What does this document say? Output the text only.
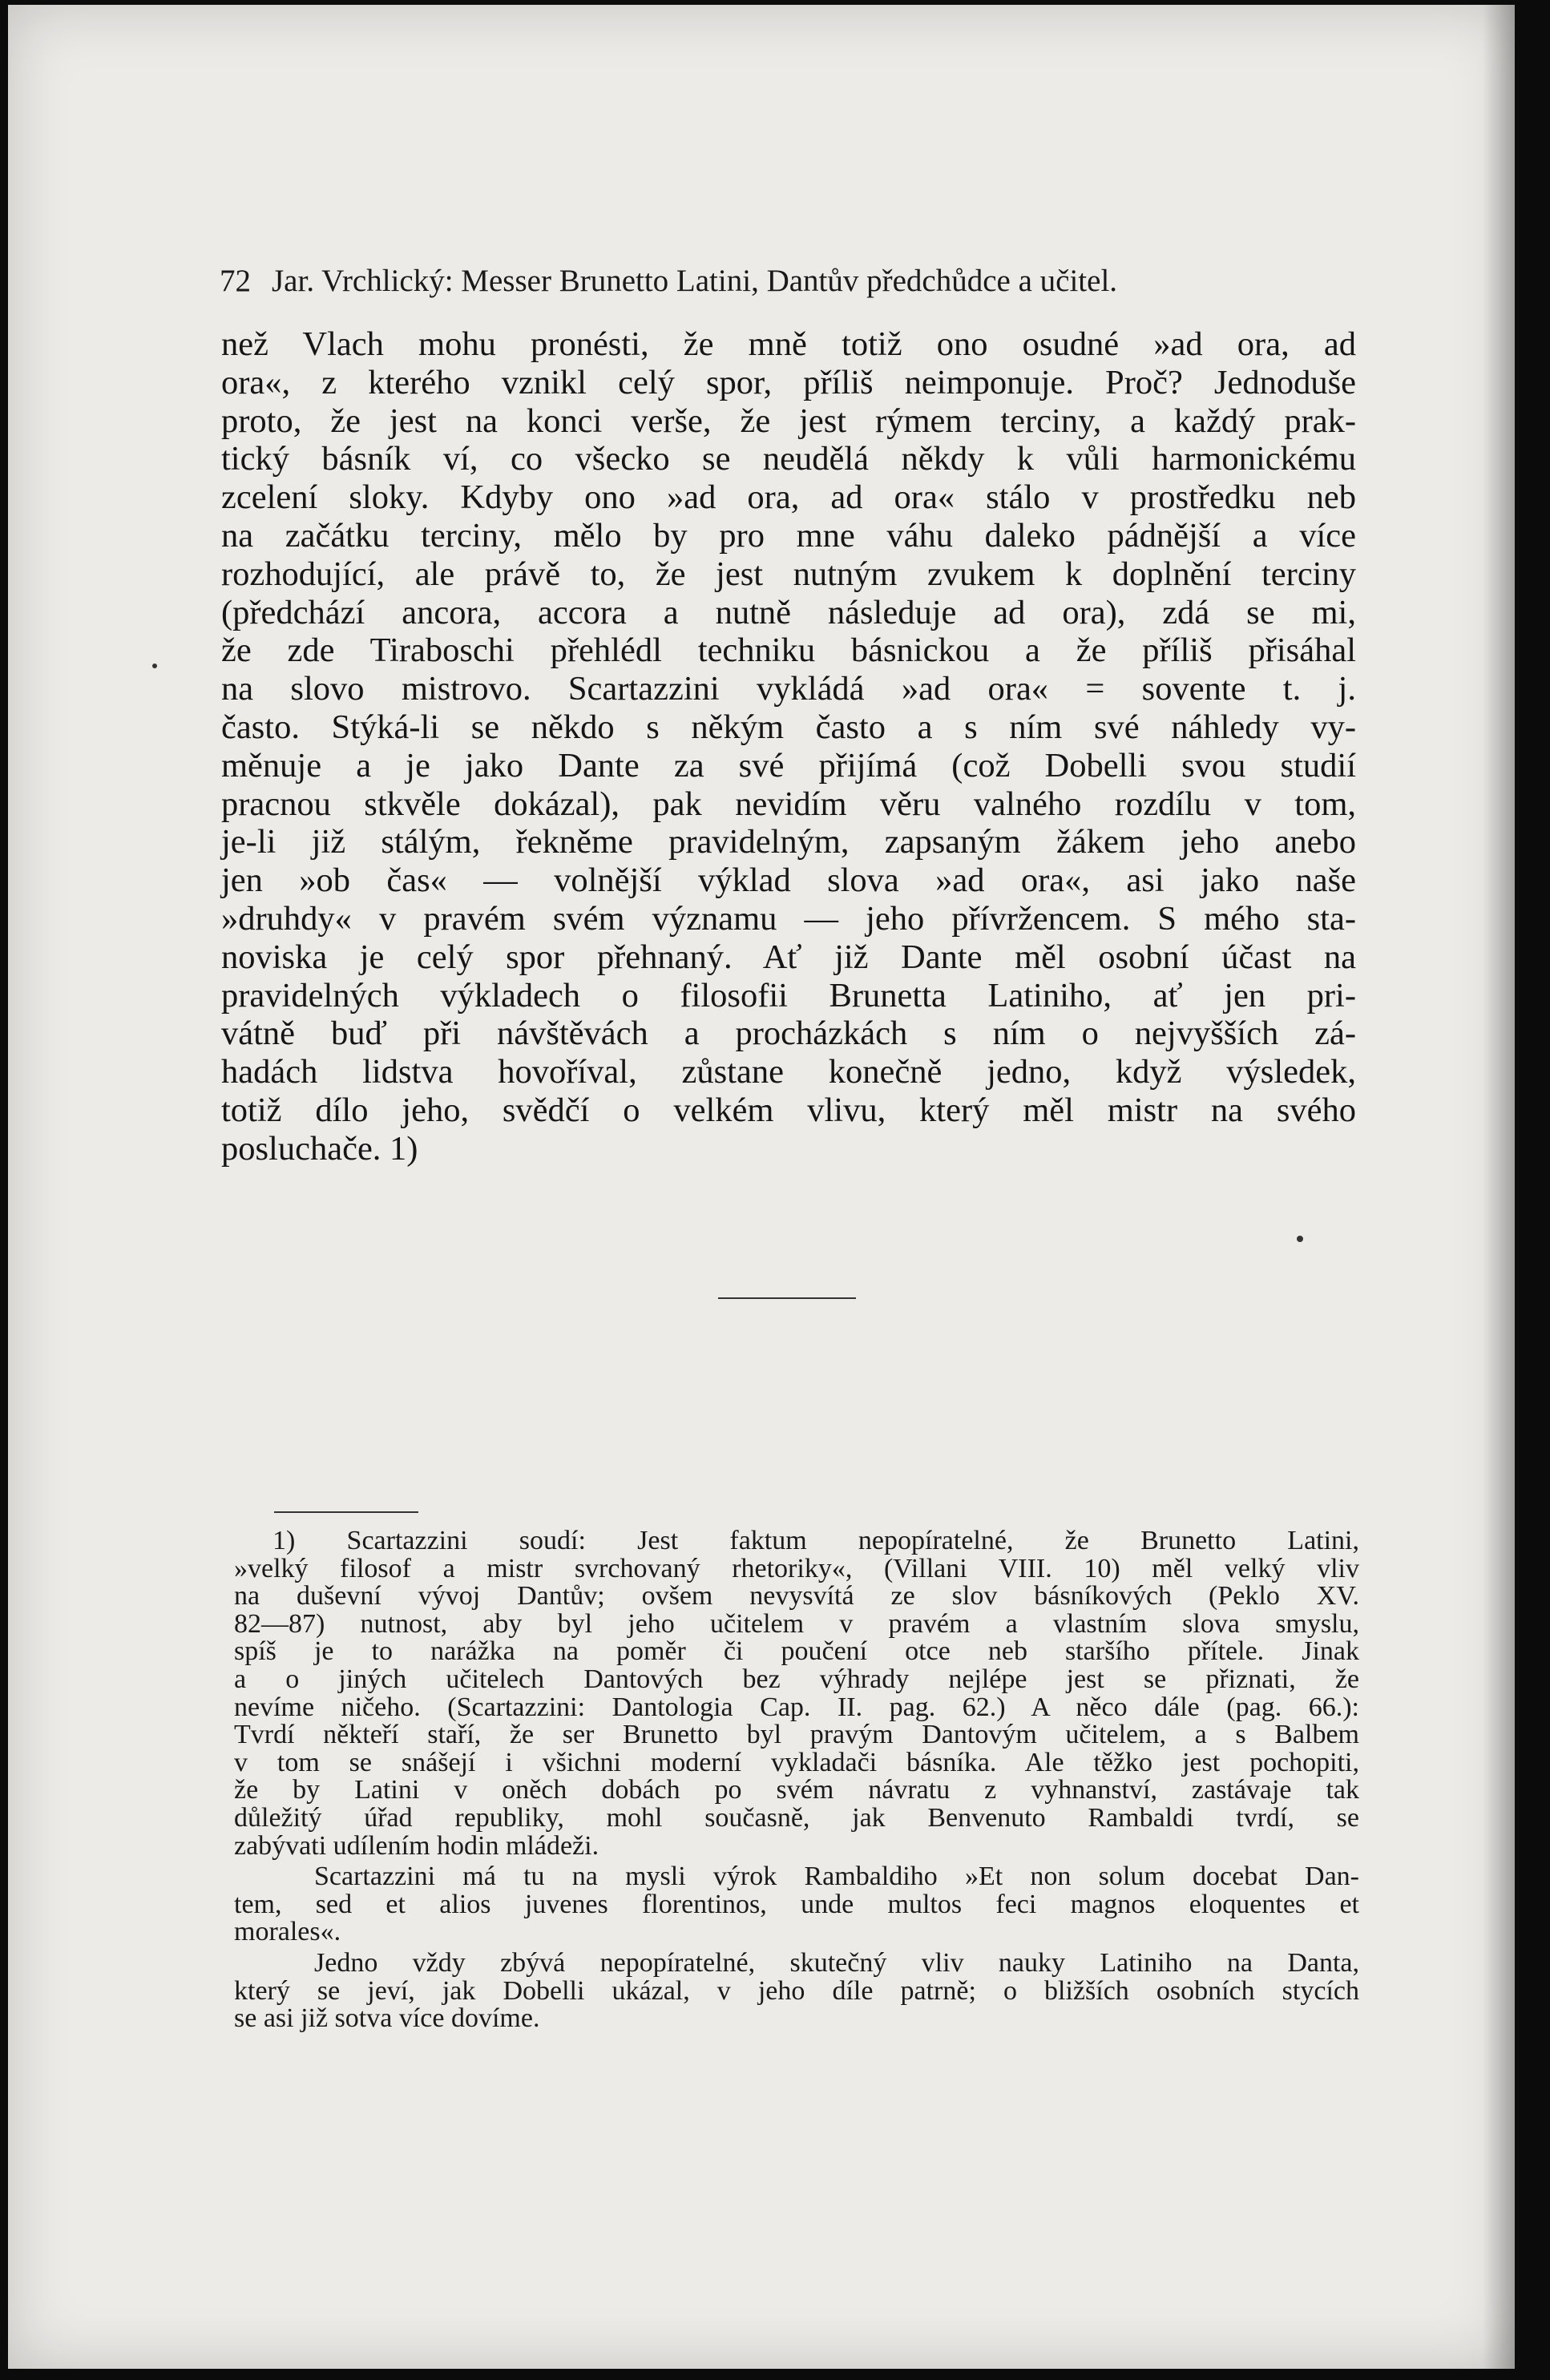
72 Jar. Vrchlický: Messer Brunetto Latini, Dantův předchůdce a učitel.
než Vlach mohu pronésti, že mně totiž ono osudné »ad ora, ad
ora«, z kterého vznikl celý spor, příliš neimponuje. Proč? Jednoduše
proto, že jest na konci verše, že jest rýmem terciny, a každý prak-
tický básník ví, co všecko se neudělá někdy k vůli harmonickému
zcelení sloky. Kdyby ono »ad ora, ad ora« stálo v prostředku neb
na začátku terciny, mělo by pro mne váhu daleko pádnější a více
rozhodující, ale právě to, že jest nutným zvukem k doplnění terciny
(předchází ancora, accora a nutně následuje ad ora), zdá se mi,
že zde Tiraboschi přehlédl techniku básnickou a že příliš přisáhal
na slovo mistrovo. Scartazzini vykládá »ad ora« = sovente t. j.
často. Stýká-li se někdo s někým často a s ním své náhledy vy-
měnuje a je jako Dante za své přijímá (což Dobelli svou studií
pracnou stkvěle dokázal), pak nevidím věru valného rozdílu v tom,
je-li již stálým, řekněme pravidelným, zapsaným žákem jeho anebo
jen »ob čas« — volnější výklad slova »ad ora«, asi jako naše
»druhdy« v pravém svém významu — jeho přívržencem. S mého sta-
noviska je celý spor přehnaný. Ať již Dante měl osobní účast na
pravidelných výkladech o filosofii Brunetta Latiniho, ať jen pri-
vátně buď při návštěvách a procházkách s ním o nejvyšších zá-
hadách lidstva hovoříval, zůstane konečně jedno, když výsledek,
totiž dílo jeho, svědčí o velkém vlivu, který měl mistr na svého
posluchače. 1)
1) Scartazzini soudí: Jest faktum nepopíratelné, že Brunetto Latini,
»velký filosof a mistr svrchovaný rhetoriky«, (Villani VIII. 10) měl velký vliv
na duševní vývoj Dantův; ovšem nevysvítá ze slov básníkových (Peklo XV.
82—87) nutnost, aby byl jeho učitelem v pravém a vlastním slova smyslu,
spíš je to narážka na poměr či poučení otce neb staršího přítele. Jinak
a o jiných učitelech Dantových bez výhrady nejlépe jest se přiznati, že
nevíme ničeho. (Scartazzini: Dantologia Cap. II. pag. 62.) A něco dále (pag. 66.):
Tvrdí někteří staří, že ser Brunetto byl pravým Dantovým učitelem, a s Balbem
v tom se snášejí i všichni moderní vykladači básníka. Ale těžko jest pochopiti,
že by Latini v oněch dobách po svém návratu z vyhnanství, zastávaje tak
důležitý úřad republiky, mohl současně, jak Benvenuto Rambaldi tvrdí, se
zabývati udílením hodin mládeži.
Scartazzini má tu na mysli výrok Rambaldiho »Et non solum docebat Dan-
tem, sed et alios juvenes florentinos, unde multos feci magnos eloquentes et
morales«.
Jedno vždy zbývá nepopíratelné, skutečný vliv nauky Latiniho na Danta,
který se jeví, jak Dobelli ukázal, v jeho díle patrně; o bližších osobních stycích
se asi již sotva více dovíme.
